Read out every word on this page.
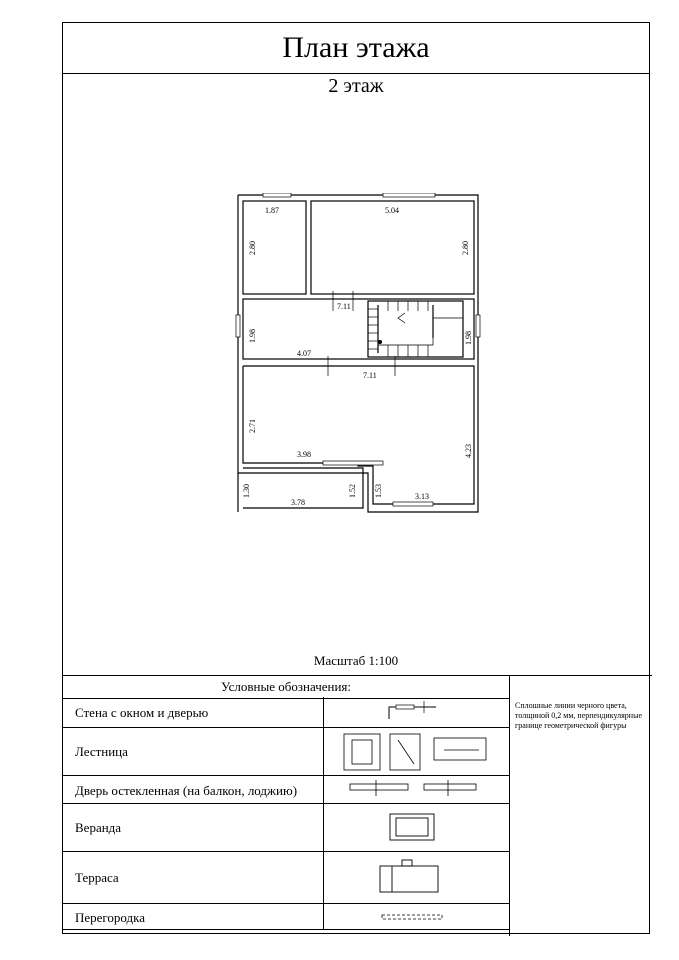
План этажа
2 этаж
1.87	5.04
2.80	2.80
7.11
1.98	1.98
4.07
7.11
2.71
4.23
3.98
1.30
3.78
1.52 1.53	3.13
Масштаб 1:100
Условные обозначения:
Сплошные линии черного цвета, толщиной 0,2 мм, перпендикулярные границе геометрической фигуры
Стена с окном и дверью
Лестница
Дверь остекленная (на балкон, лоджию)
Веранда
Терраса
Перегородка
